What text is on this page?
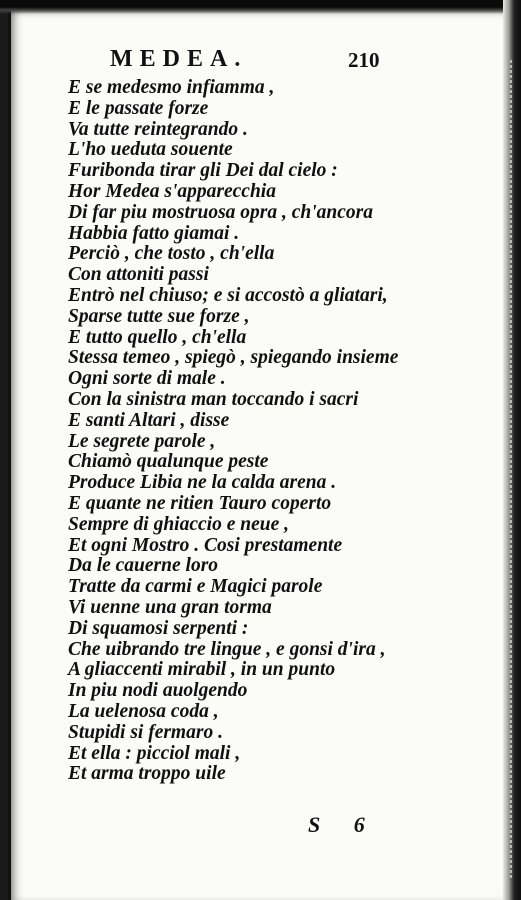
MEDEA.	210
E se medesmo infiamma ,
E le passate forze
Va tutte reintegrando .
L'ho ueduta souente
Furibonda tirar gli Dei dal cielo :
Hor Medea s'apparecchia
Di far piu mostruosa opra , ch'ancora
Habbia fatto giamai .
Perciò , che tosto , ch'ella
Con attoniti passi
Entrò nel chiuso; e si accostò a gliatari,
Sparse tutte sue forze ,
E tutto quello , ch'ella
Stessa temeo , spiegò , spiegando insieme
Ogni sorte di male .
Con la sinistra man toccando i sacri
E santi Altari , disse
Le segrete parole ,
Chiamò qualunque peste
Produce Libia ne la calda arena .
E quante ne ritien Tauro coperto
Sempre di ghiaccio e neue ,
Et ogni Mostro . Cosi prestamente
Da le cauerne loro
Tratte da carmi e Magici parole
Vi uenne una gran torma
Di squamosi serpenti :
Che uibrando tre lingue , e gonsi d'ira ,
A gliaccenti mirabil , in un punto
In piu nodi auolgendo
La uelenosa coda ,
Stupidi si fermaro .
Et ella : picciol mali ,
Et arma troppo uile
S 6
